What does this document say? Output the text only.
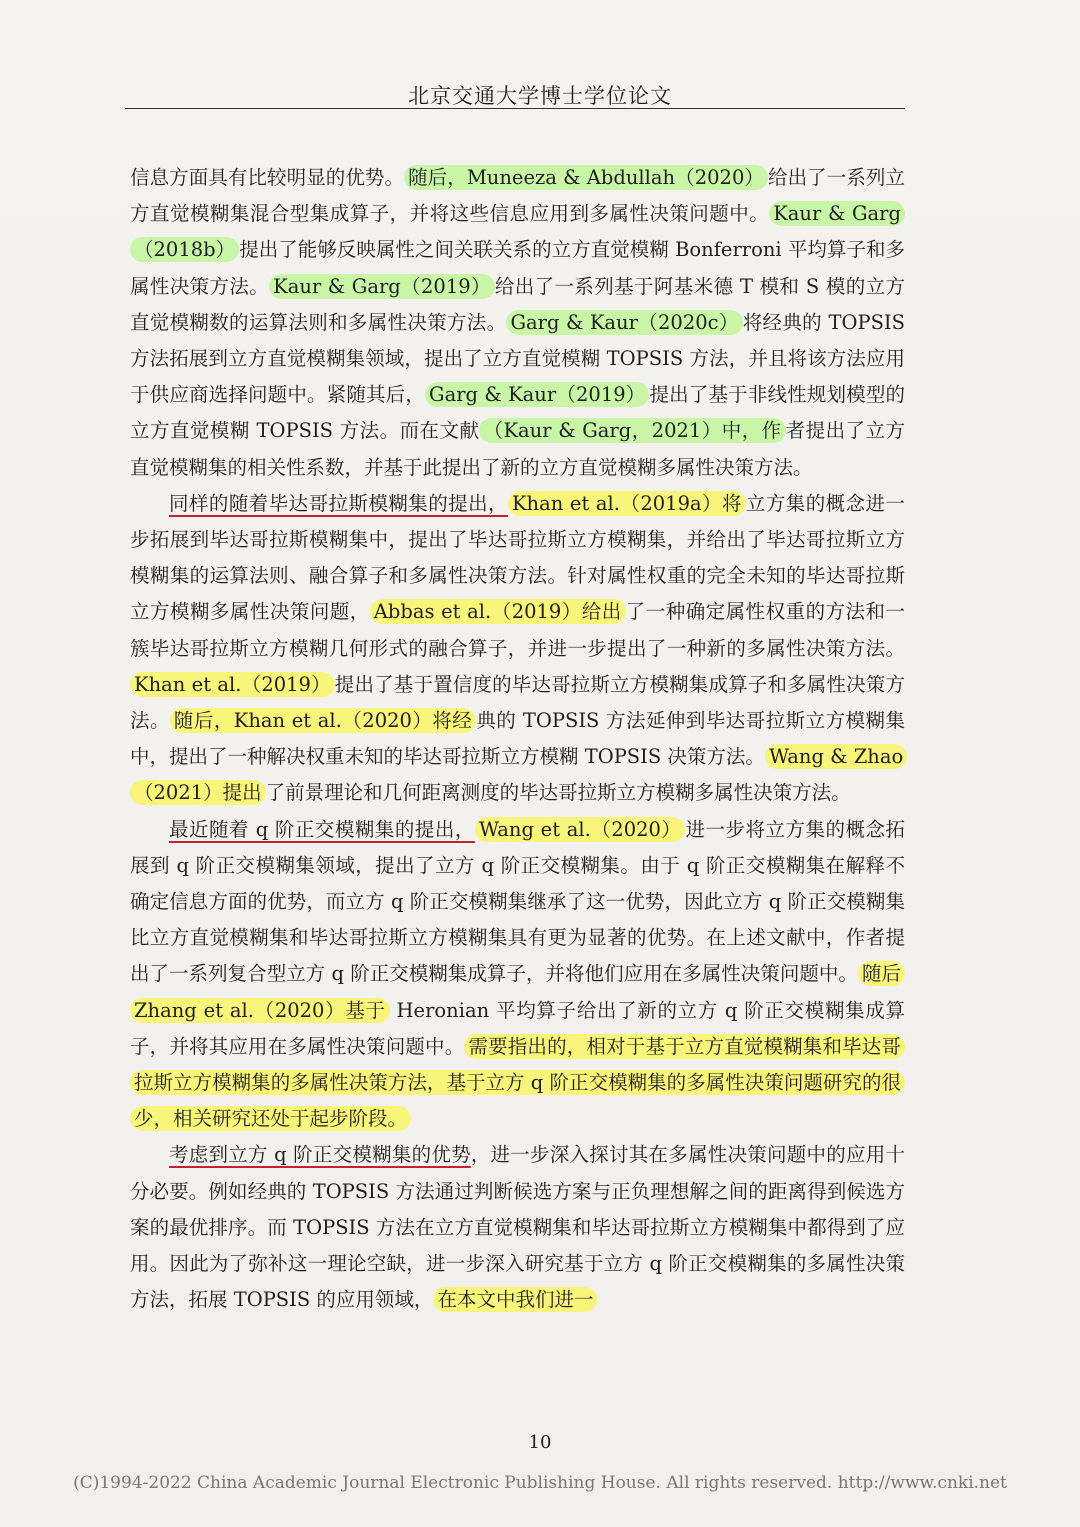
北京交通大学博士学位论文

信息方面具有比较明显的优势。 随后，Muneeza & Abdullah（2020） 给出了一系列立方直觉模糊集混合型集成算子，并将这些信息应用到多属性决策问题中。 Kaur & Garg（2018b） 提出了能够反映属性之间关联关系的立方直觉模糊 Bonferroni 平均算子和多属性决策方法。 Kaur & Garg（2019） 给出了一系列基于阿基米德 T 模和 S 模的立方直觉模糊数的运算法则和多属性决策方法。 Garg & Kaur（2020c） 将经典的 TOPSIS 方法拓展到立方直觉模糊集领域，提出了立方直觉模糊 TOPSIS 方法，并且将该方法应用于供应商选择问题中。紧随其后， Garg & Kaur（2019） 提出了基于非线性规划模型的立方直觉模糊 TOPSIS 方法。而在文献 （Kaur & Garg，2021）中，作 者提出了立方直觉模糊集的相关性系数，并基于此提出了新的立方直觉模糊多属性决策方法。

同样的随着毕达哥拉斯模糊集的提出， Khan et al.（2019a）将 立方集的概念进一步拓展到毕达哥拉斯模糊集中，提出了毕达哥拉斯立方模糊集，并给出了毕达哥拉斯立方模糊集的运算法则、融合算子和多属性决策方法。针对属性权重的完全未知的毕达哥拉斯立方模糊多属性决策问题， Abbas et al.（2019）给出 了一种确定属性权重的方法和一簇毕达哥拉斯立方模糊几何形式的融合算子，并进一步提出了一种新的多属性决策方法。Khan et al.（2019） 提出了基于置信度的毕达哥拉斯立方模糊集成算子和多属性决策方法。 随后，Khan et al.（2020）将经 典的 TOPSIS 方法延伸到毕达哥拉斯立方模糊集中，提出了一种解决权重未知的毕达哥拉斯立方模糊 TOPSIS 决策方法。 Wang & Zhao（2021）提出 了前景理论和几何距离测度的毕达哥拉斯立方模糊多属性决策方法。

最近随着 q 阶正交模糊集的提出， Wang et al.（2020） 进一步将立方集的概念拓展到 q 阶正交模糊集领域，提出了立方 q 阶正交模糊集。由于 q 阶正交模糊集在解释不确定信息方面的优势，而立方 q 阶正交模糊集继承了这一优势，因此立方 q 阶正交模糊集比立方直觉模糊集和毕达哥拉斯立方模糊集具有更为显著的优势。在上述文献中，作者提出了一系列复合型立方 q 阶正交模糊集成算子，并将他们应用在多属性决策问题中。 随后 Zhang et al.（2020）基于 Heronian 平均算子给出了新的立方 q 阶正交模糊集成算子，并将其应用在多属性决策问题中。 需要指出的，相对于基于立方直觉模糊集和毕达哥拉斯立方模糊集的多属性决策方法，基于立方 q 阶正交模糊集的多属性决策问题研究的很少，相关研究还处于起步阶段。

考虑到立方 q 阶正交模糊集的优势，进一步深入探讨其在多属性决策问题中的应用十分必要。例如经典的 TOPSIS 方法通过判断候选方案与正负理想解之间的距离得到候选方案的最优排序。而 TOPSIS 方法在立方直觉模糊集和毕达哥拉斯立方模糊集中都得到了应用。因此为了弥补这一理论空缺，进一步深入研究基于立方 q 阶正交模糊集的多属性决策方法，拓展 TOPSIS 的应用领域， 在本文中我们进一

10
(C)1994-2022 China Academic Journal Electronic Publishing House. All rights reserved. http://www.cnki.net
